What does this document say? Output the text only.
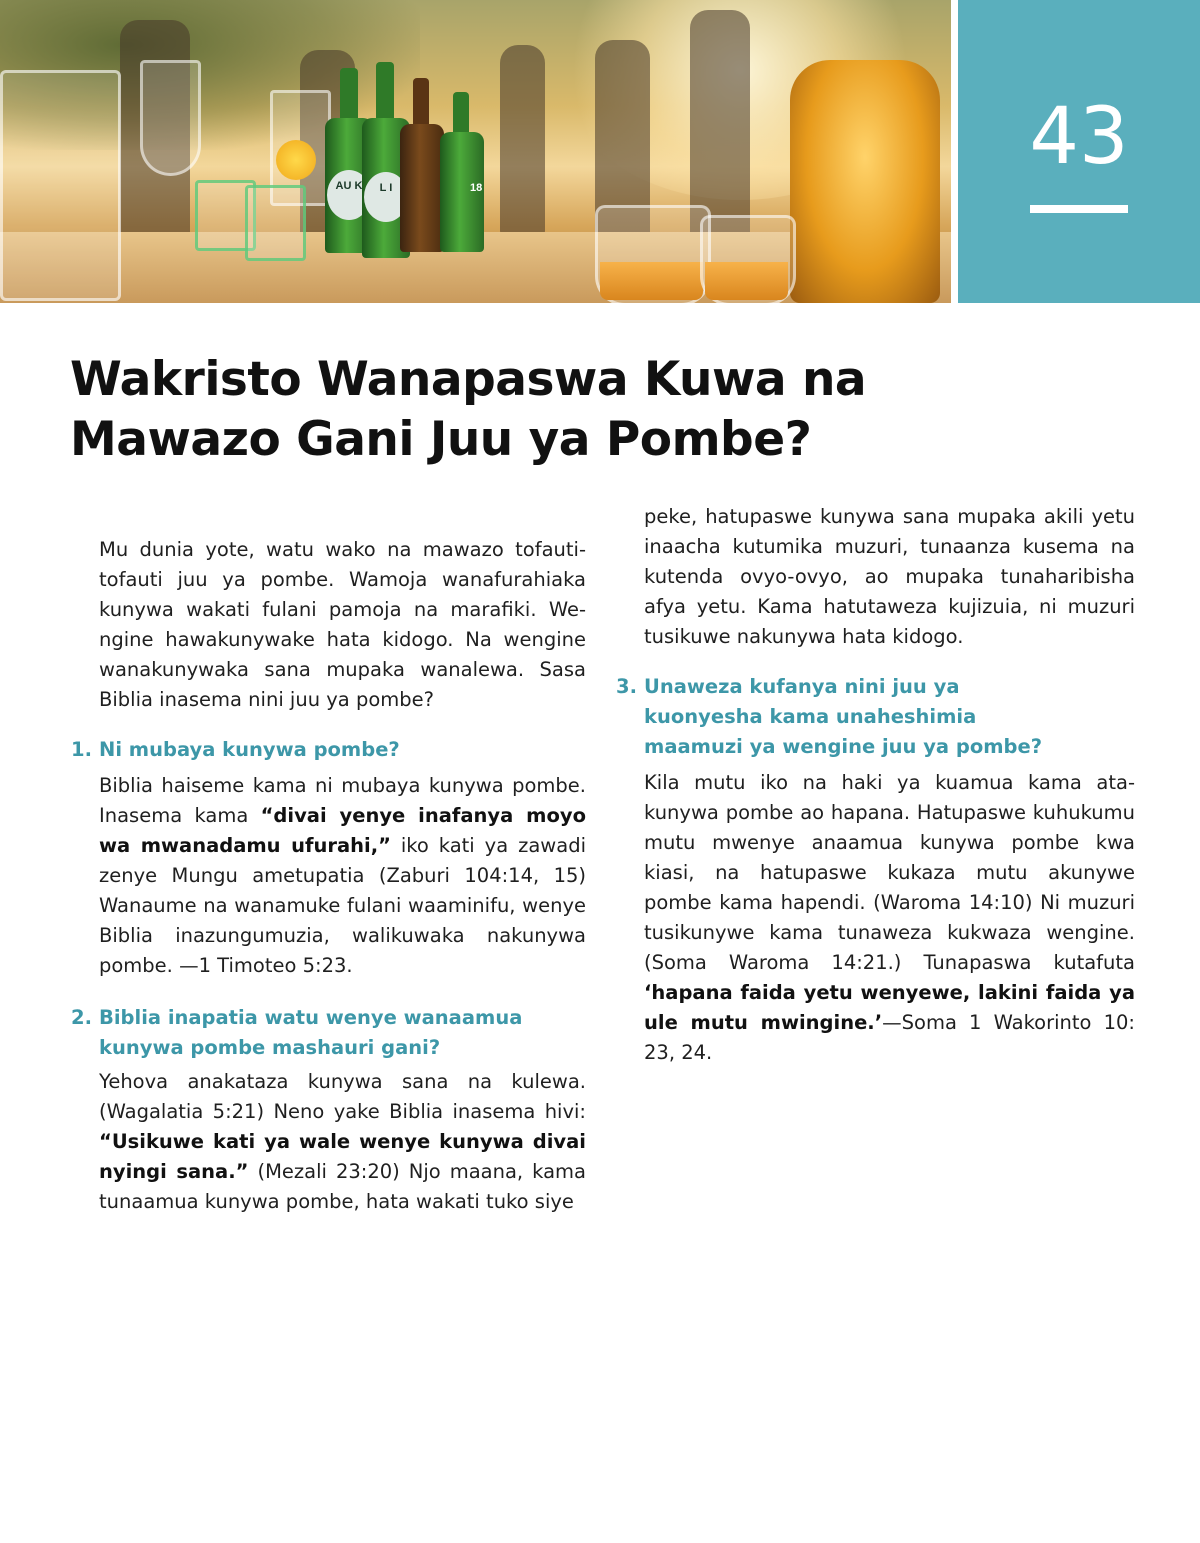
AU K	L I	18
43
Wakristo Wanapaswa Kuwa na
Mawazo Gani Juu ya Pombe?

Mu dunia yote, watu wako na mawazo tofauti-tofauti juu ya pombe. Wamoja wanafurahiaka kunywa wakati fulani pamoja na marafiki. Wengine hawakunywake hata kidogo. Na wengine wanakunywaka sana mupaka wanalewa. Sasa Biblia inasema nini juu ya pombe?

1. Ni mubaya kunywa pombe?

Biblia haiseme kama ni mubaya kunywa pombe. Inasema kama “divai yenye inafanya moyo wa mwanadamu ufurahi,” iko kati ya zawadi zenye Mungu ametupatia (Zaburi 104:14, 15) Wanaume na wanamuke fulani waaminifu, wenye Biblia inazungumuzia, walikuwaka nakunywa pombe. —1 Timoteo 5:23.

2. Biblia inapatia watu wenye wanaamua kunywa pombe mashauri gani?

Yehova anakataza kunywa sana na kulewa. (Wagalatia 5:21) Neno yake Biblia inasema hivi: “Usikuwe kati ya wale wenye kunywa divai nyingi sana.” (Mezali 23:20) Njo maana, kama tunaamua kunywa pombe, hata wakati tuko siye

peke, hatupaswe kunywa sana mupaka akili yetu inaacha kutumika muzuri, tunaanza kusema na kutenda ovyo-ovyo, ao mupaka tunaharibisha afya yetu. Kama hatutaweza kujizuia, ni muzuri tusikuwe nakunywa hata kidogo.

3. Unaweza kufanya nini juu ya kuonyesha kama unaheshimia maamuzi ya wengine juu ya pombe?

Kila mutu iko na haki ya kuamua kama atakunywa pombe ao hapana. Hatupaswe kuhukumu mutu mwenye anaamua kunywa pombe kwa kiasi, na hatupaswe kukaza mutu akunywe pombe kama hapendi. (Waroma 14:10) Ni muzuri tusikunywe kama tunaweza kukwaza wengine. (Soma Waroma 14:21.) Tunapaswa kutafuta ‘hapana faida yetu wenyewe, lakini faida ya ule mutu mwingine.’—Soma 1 Wakorinto 10: 23, 24.
